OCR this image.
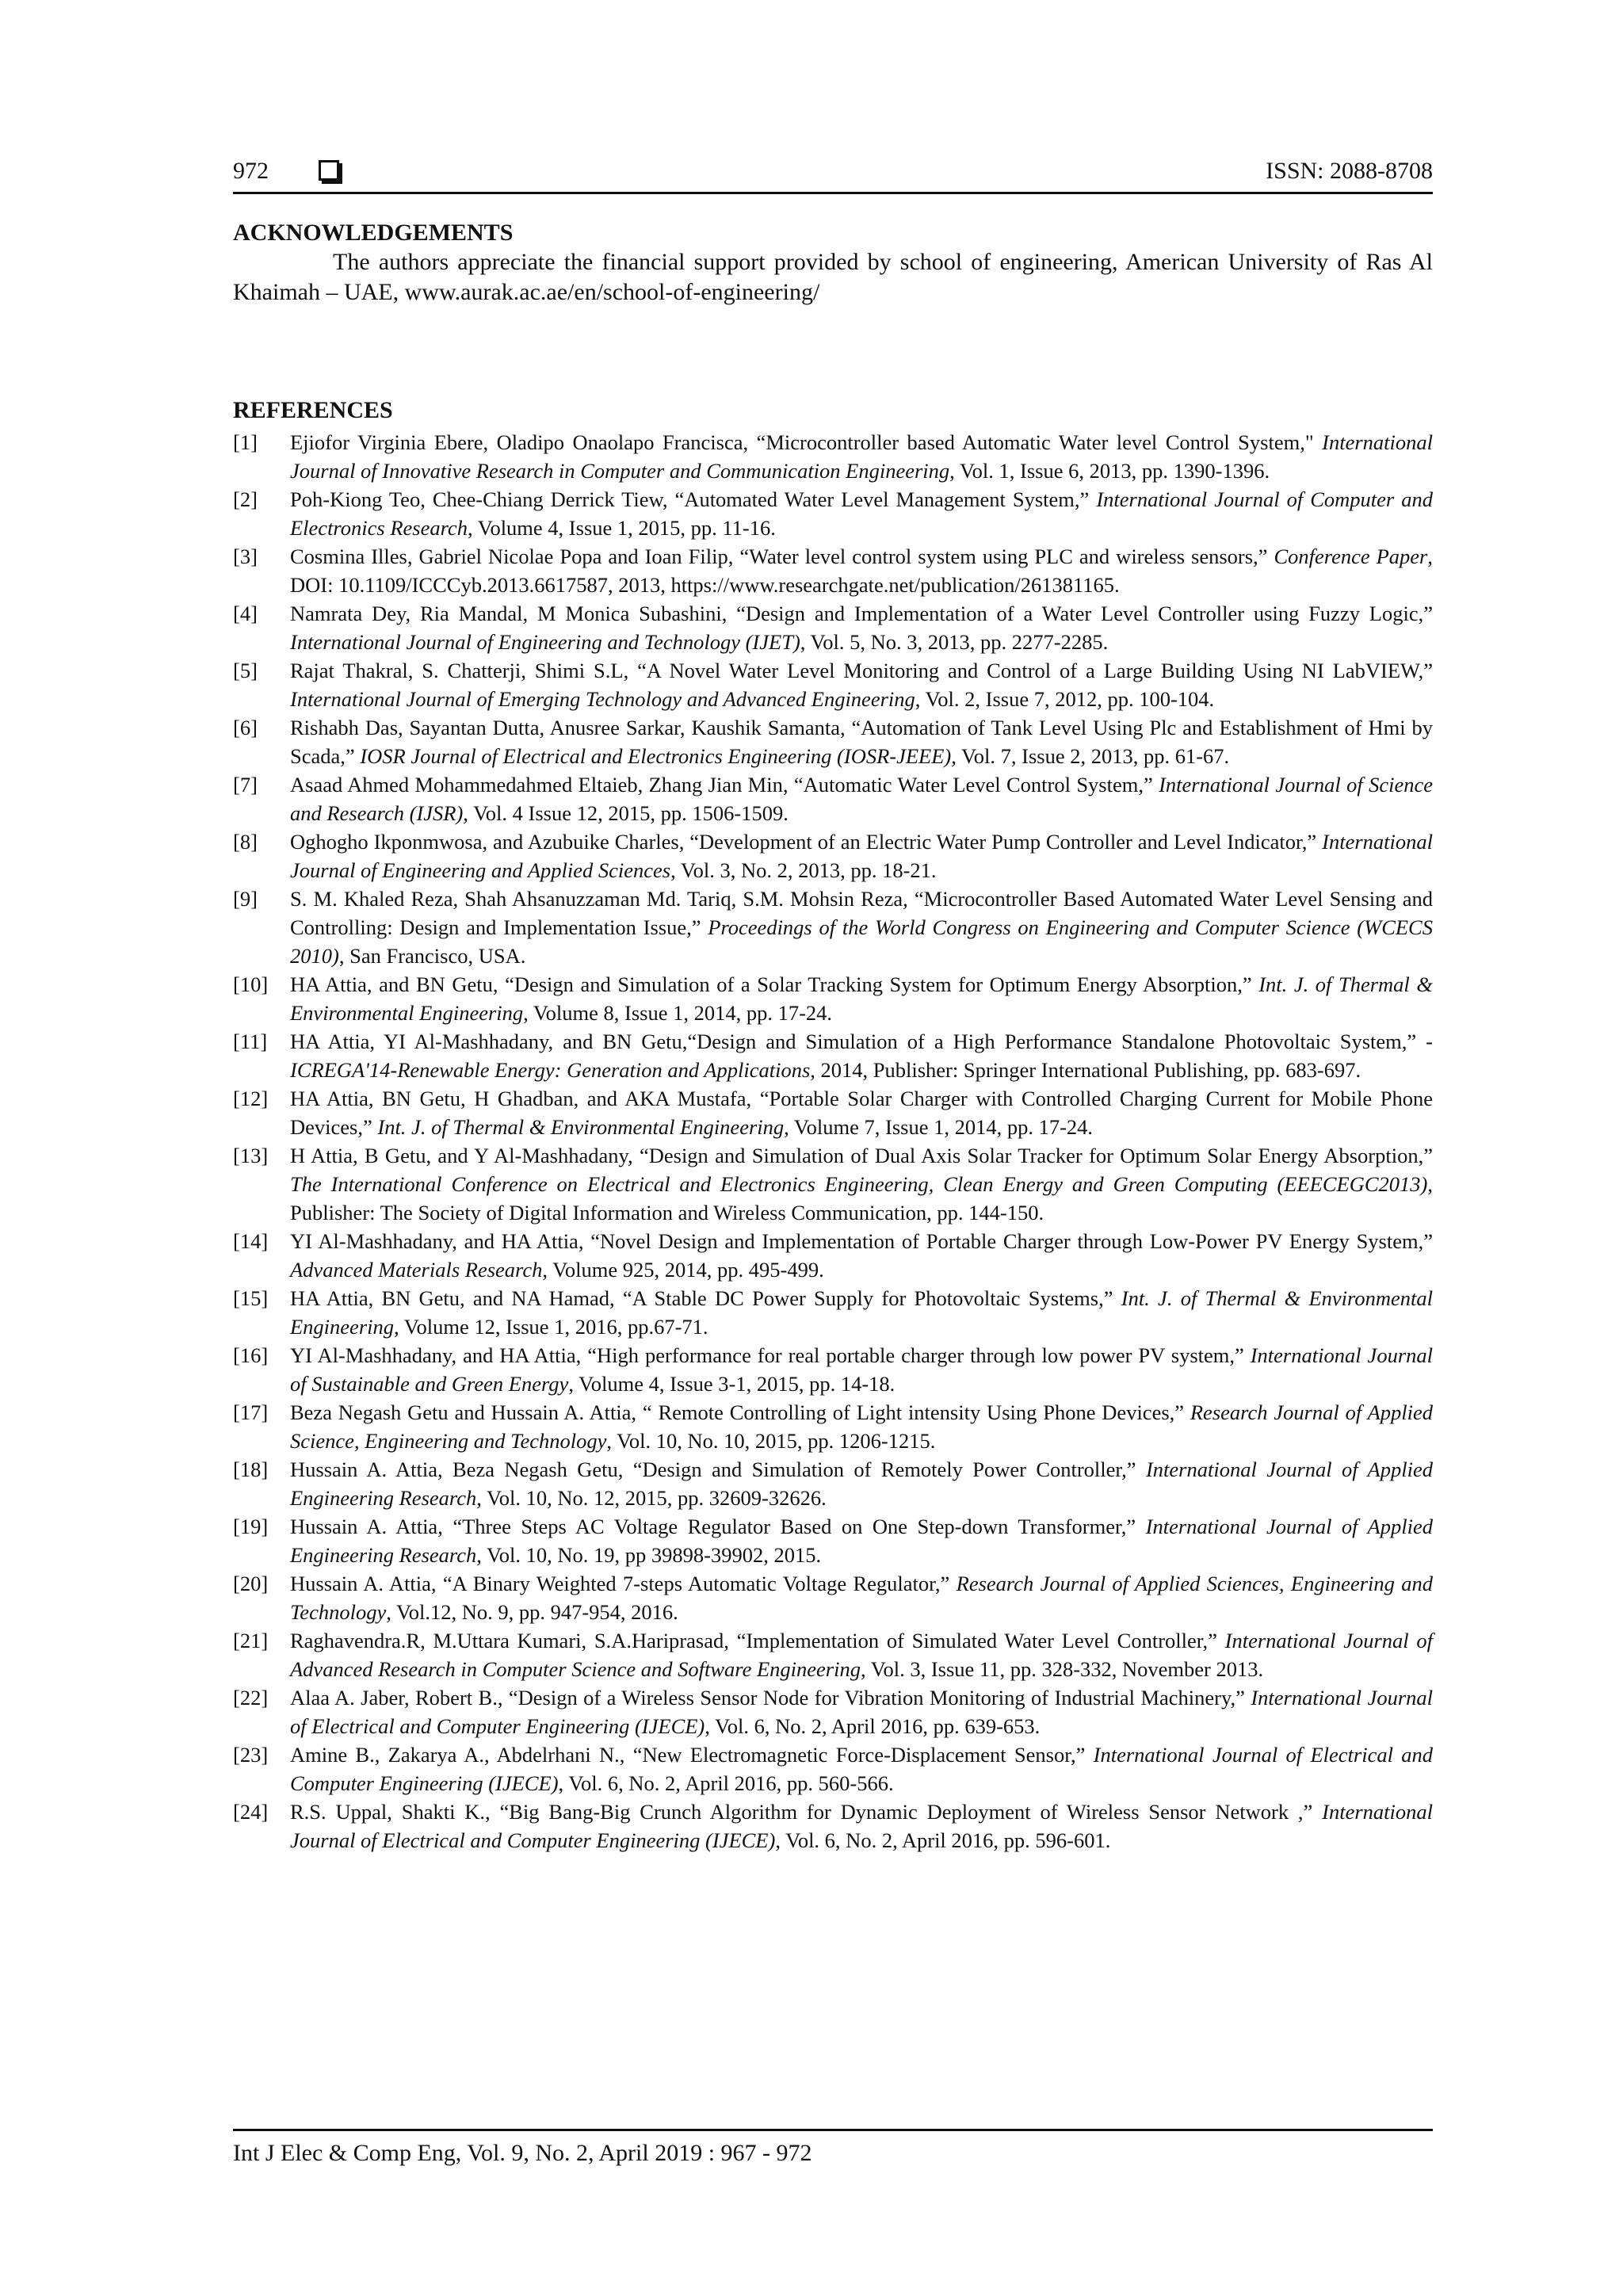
972	ISSN: 2088-8708
ACKNOWLEDGEMENTS

The authors appreciate the financial support provided by school of engineering, American University of Ras Al Khaimah – UAE, www.aurak.ac.ae/en/school-of-engineering/

REFERENCES
[1] Ejiofor Virginia Ebere, Oladipo Onaolapo Francisca, “Microcontroller based Automatic Water level Control System," International Journal of Innovative Research in Computer and Communication Engineering, Vol. 1, Issue 6, 2013, pp. 1390-1396.
[2] Poh-Kiong Teo, Chee-Chiang Derrick Tiew, “Automated Water Level Management System,” International Journal of Computer and Electronics Research, Volume 4, Issue 1, 2015, pp. 11-16.
[3] Cosmina Illes, Gabriel Nicolae Popa and Ioan Filip, “Water level control system using PLC and wireless sensors,” Conference Paper, DOI: 10.1109/ICCCyb.2013.6617587, 2013, https://www.researchgate.net/publication/261381165.
[4] Namrata Dey, Ria Mandal, M Monica Subashini, “Design and Implementation of a Water Level Controller using Fuzzy Logic,” International Journal of Engineering and Technology (IJET), Vol. 5, No. 3, 2013, pp. 2277-2285.
[5] Rajat Thakral, S. Chatterji, Shimi S.L, “A Novel Water Level Monitoring and Control of a Large Building Using NI LabVIEW,” International Journal of Emerging Technology and Advanced Engineering, Vol. 2, Issue 7, 2012, pp. 100-104.
[6] Rishabh Das, Sayantan Dutta, Anusree Sarkar, Kaushik Samanta, “Automation of Tank Level Using Plc and Establishment of Hmi by Scada,” IOSR Journal of Electrical and Electronics Engineering (IOSR-JEEE), Vol. 7, Issue 2, 2013, pp. 61-67.
[7] Asaad Ahmed Mohammedahmed Eltaieb, Zhang Jian Min, “Automatic Water Level Control System,” International Journal of Science and Research (IJSR), Vol. 4 Issue 12, 2015, pp. 1506-1509.
[8] Oghogho Ikponmwosa, and Azubuike Charles, “Development of an Electric Water Pump Controller and Level Indicator,” International Journal of Engineering and Applied Sciences, Vol. 3, No. 2, 2013, pp. 18-21.
[9] S. M. Khaled Reza, Shah Ahsanuzzaman Md. Tariq, S.M. Mohsin Reza, “Microcontroller Based Automated Water Level Sensing and Controlling: Design and Implementation Issue,” Proceedings of the World Congress on Engineering and Computer Science (WCECS 2010), San Francisco, USA.
[10] HA Attia, and BN Getu, “Design and Simulation of a Solar Tracking System for Optimum Energy Absorption,” Int. J. of Thermal & Environmental Engineering, Volume 8, Issue 1, 2014, pp. 17-24.
[11] HA Attia, YI Al-Mashhadany, and BN Getu,“Design and Simulation of a High Performance Standalone Photovoltaic System,” - ICREGA'14-Renewable Energy: Generation and Applications, 2014, Publisher: Springer International Publishing, pp. 683-697.
[12] HA Attia, BN Getu, H Ghadban, and AKA Mustafa, “Portable Solar Charger with Controlled Charging Current for Mobile Phone Devices,” Int. J. of Thermal & Environmental Engineering, Volume 7, Issue 1, 2014, pp. 17-24.
[13] H Attia, B Getu, and Y Al-Mashhadany, “Design and Simulation of Dual Axis Solar Tracker for Optimum Solar Energy Absorption,” The International Conference on Electrical and Electronics Engineering, Clean Energy and Green Computing (EEECEGC2013), Publisher: The Society of Digital Information and Wireless Communication, pp. 144-150.
[14] YI Al-Mashhadany, and HA Attia, “Novel Design and Implementation of Portable Charger through Low-Power PV Energy System,” Advanced Materials Research, Volume 925, 2014, pp. 495-499.
[15] HA Attia, BN Getu, and NA Hamad, “A Stable DC Power Supply for Photovoltaic Systems,” Int. J. of Thermal & Environmental Engineering, Volume 12, Issue 1, 2016, pp.67-71.
[16] YI Al-Mashhadany, and HA Attia, “High performance for real portable charger through low power PV system,” International Journal of Sustainable and Green Energy, Volume 4, Issue 3-1, 2015, pp. 14-18.
[17] Beza Negash Getu and Hussain A. Attia, “ Remote Controlling of Light intensity Using Phone Devices,” Research Journal of Applied Science, Engineering and Technology, Vol. 10, No. 10, 2015, pp. 1206-1215.
[18] Hussain A. Attia, Beza Negash Getu, “Design and Simulation of Remotely Power Controller,” International Journal of Applied Engineering Research, Vol. 10, No. 12, 2015, pp. 32609-32626.
[19] Hussain A. Attia, “Three Steps AC Voltage Regulator Based on One Step-down Transformer,” International Journal of Applied Engineering Research, Vol. 10, No. 19, pp 39898-39902, 2015.
[20] Hussain A. Attia, “A Binary Weighted 7-steps Automatic Voltage Regulator,” Research Journal of Applied Sciences, Engineering and Technology, Vol.12, No. 9, pp. 947-954, 2016.
[21] Raghavendra.R, M.Uttara Kumari, S.A.Hariprasad, “Implementation of Simulated Water Level Controller,” International Journal of Advanced Research in Computer Science and Software Engineering, Vol. 3, Issue 11, pp. 328-332, November 2013.
[22] Alaa A. Jaber, Robert B., “Design of a Wireless Sensor Node for Vibration Monitoring of Industrial Machinery,” International Journal of Electrical and Computer Engineering (IJECE), Vol. 6, No. 2, April 2016, pp. 639-653.
[23] Amine B., Zakarya A., Abdelrhani N., “New Electromagnetic Force-Displacement Sensor,” International Journal of Electrical and Computer Engineering (IJECE), Vol. 6, No. 2, April 2016, pp. 560-566.
[24] R.S. Uppal, Shakti K., “Big Bang-Big Crunch Algorithm for Dynamic Deployment of Wireless Sensor Network ,” International Journal of Electrical and Computer Engineering (IJECE), Vol. 6, No. 2, April 2016, pp. 596-601.
Int J Elec & Comp Eng, Vol. 9, No. 2, April 2019 : 967 - 972
